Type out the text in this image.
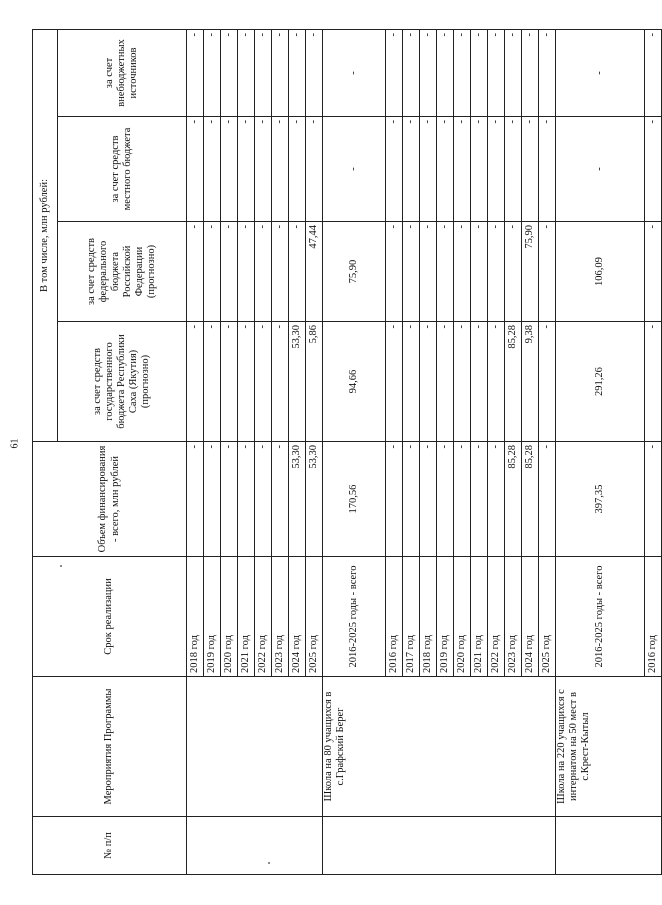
61
№ п/п	Мероприятия Программы	Срок реализации	Объем финансирования - всего, млн рублей	В том числе, млн рублей:			
				за счет средств государственного бюджета Республики Саха (Якутия) (прогнозно)	за счет средств федерального бюджета Российской Федерации (прогнозно)	за счет средств местного бюджета	за счет внебюджетных источников
		2018 год	-	-	-	-	-
		2019 год	-	-	-	-	-
		2020 год	-	-	-	-	-
		2021 год	-	-	-	-	-
		2022 год	-	-	-	-	-
		2023 год	-	-	-	-	-
		2024 год	53,30	53,30	-	-	-
		2025 год	53,30	5,86	47,44	-	-
	Школа на 80 учащихся в с.Графский Берег	2016-2025 годы - всего	170,56	94,66	75,90	-	-
		2016 год	-	-	-	-	-
		2017 год	-	-	-	-	-
		2018 год	-	-	-	-	-
		2019 год	-	-	-	-	-
		2020 год	-	-	-	-	-
		2021 год	-	-	-	-	-
		2022 год	-	-	-	-	-
		2023 год	85,28	85,28	-	-	-
		2024 год	85,28	9,38	75,90	-	-
		2025 год	-	-	-	-	-
	Школа на 220 учащихся с интернатом на 50 мест в с.Крест-Кытыл	2016-2025 годы - всего	397,35	291,26	106,09	-	-
		2016 год	-	-	-	-	-
